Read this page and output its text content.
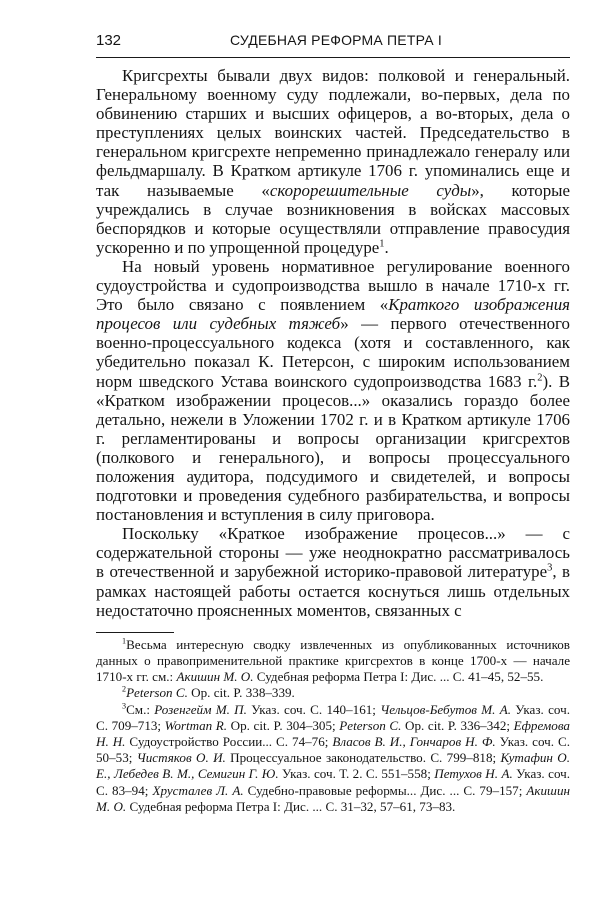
132	СУДЕБНАЯ РЕФОРМА ПЕТРА I

Кригсрехты бывали двух видов: полковой и генеральный. Генеральному военному суду подлежали, во-первых, дела по обвинению старших и высших офицеров, а во-вторых, дела о преступлениях целых воинских частей. Председательство в генеральном кригсрехте непременно принадлежало генералу или фельдмаршалу. В Кратком артикуле 1706 г. упоминались еще и так называемые «скорорешительные суды», которые учреждались в случае возникновения в войсках массовых беспорядков и которые осуществляли отправление правосудия ускоренно и по упрощенной процедуре$^1$.

На новый уровень нормативное регулирование военного судоустройства и судопроизводства вышло в начале 1710-х гг. Это было связано с появлением «Краткого изображения процесов или судебных тяжеб» — первого отечественного военно-процессуального кодекса (хотя и составленного, как убедительно показал К. Петерсон, с широким использованием норм шведского Устава воинского судопроизводства 1683 г.$^2$). В «Кратком изображении процесов...» оказались гораздо более детально, нежели в Уложении 1702 г. и в Кратком артикуле 1706 г. регламентированы и вопросы организации кригсрехтов (полкового и генерального), и вопросы процессуального положения аудитора, подсудимого и свидетелей, и вопросы подготовки и проведения судебного разбирательства, и вопросы постановления и вступления в силу приговора.

Поскольку «Краткое изображение процесов...» — с содержательной стороны — уже неоднократно рассматривалось в отечественной и зарубежной историко-правовой литературе$^3$, в рамках настоящей работы остается коснуться лишь отдельных недостаточно проясненных моментов, связанных с

$^1$Весьма интересную сводку извлеченных из опубликованных источников данных о правоприменительной практике кригсрехтов в конце 1700-х — начале 1710-х гг. см.: Акишин М. О. Судебная реформа Петра I: Дис. ... С. 41–45, 52–55.

$^2$Peterson C. Op. cit. P. 338–339.

$^3$См.: Розенгейм М. П. Указ. соч. С. 140–161; Чельцов-Бебутов М. А. Указ. соч. С. 709–713; Wortman R. Op. cit. P. 304–305; Peterson C. Op. cit. P. 336–342; Ефремова Н. Н. Судоустройство России... С. 74–76; Власов В. И., Гончаров Н. Ф. Указ. соч. С. 50–53; Чистяков О. И. Процессуальное законодательство. С. 799–818; Кутафин О. Е., Лебедев В. М., Семигин Г. Ю. Указ. соч. Т. 2. С. 551–558; Петухов Н. А. Указ. соч. С. 83–94; Хрусталев Л. А. Судебно-правовые реформы... Дис. ... С. 79–157; Акишин М. О. Судебная реформа Петра I: Дис. ... С. 31–32, 57–61, 73–83.
